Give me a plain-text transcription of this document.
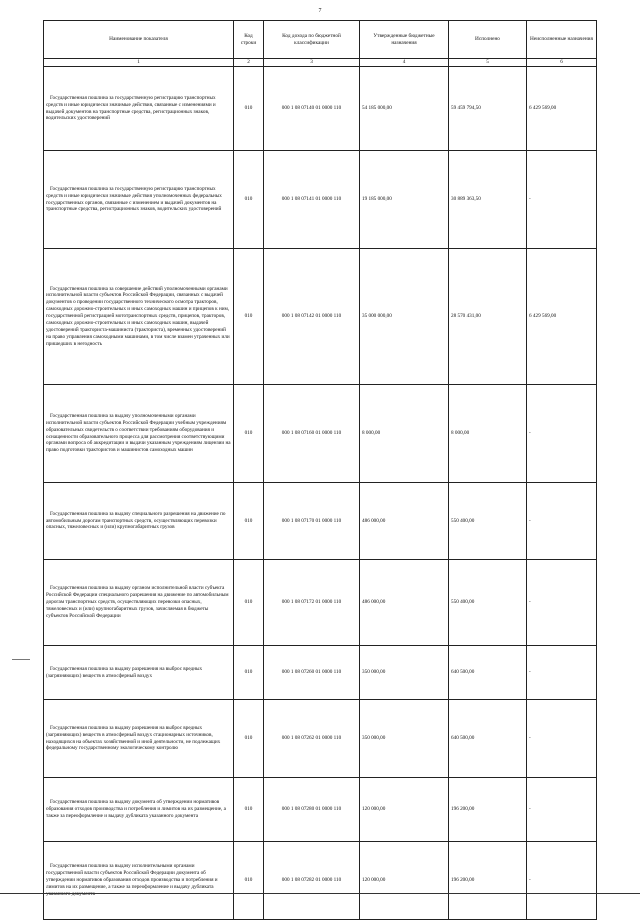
7
Наименование показателя	Код строки	Код дохода по бюджетной классификации	Утвержденные бюджетные назначения	Исполнено	Неисполненные назначения
1	2	3	4	5	6
Государственная пошлина за государственную регистрацию транспортных средств и иные юридически значимые действия, связанные с изменениями и выдачей документов на транспортные средства, регистрационных знаков, водительских удостоверений	010	000 1 08 07140 01 0000 110	54 185 000,00	59 459 794,50	6 429 569,00
Государственная пошлина за государственную регистрацию транспортных средств и иные юридически значимые действия уполномоченных федеральных государственных органов, связанные с изменением и выдачей документов на транспортные средства, регистрационных знаков, водительских удостоверений	010	000 1 08 07141 01 0000 110	19 185 000,00	30 889 363,50	-
Государственная пошлина за совершение действий уполномоченными органами исполнительной власти субъектов Российской Федерации, связанных с выдачей документов о проведении государственного технического осмотра тракторов, самоходных дорожно-строительных и иных самоходных машин и прицепов к ним, государственной регистрацией мототранспортных средств, прицепов, тракторов, самоходных дорожно-строительных и иных самоходных машин, выдачей удостоверений тракториста-машиниста (тракториста), временных удостоверений на право управления самоходными машинами, в том числе взамен утраченных или пришедших в негодность	010	000 1 08 07142 01 0000 110	35 000 000,00	28 570 431,00	6 429 569,00
Государственная пошлина за выдачу уполномоченными органами исполнительной власти субъектов Российской Федерации учебным учреждениям образовательных свидетельств о соответствии требованиям оборудования и оснащенности образовательного процесса для рассмотрения соответствующими органами вопроса об аккредитации и выдачи указанным учреждениям лицензии на право подготовки трактористов и машинистов самоходных машин	010	000 1 08 07160 01 0000 110	8 000,00	8 000,00	-
Государственная пошлина за выдачу специального разрешения на движение по автомобильным дорогам транспортных средств, осуществляющих перевозки опасных, тяжеловесных и (или) крупногабаритных грузов	010	000 1 08 07170 01 0000 110	486 000,00	550 400,00	-
Государственная пошлина за выдачу органом исполнительной власти субъекта Российской Федерации специального разрешения на движение по автомобильным дорогам транспортных средств, осуществляющих перевозки опасных, тяжеловесных и (или) крупногабаритных грузов, зачисляемая в бюджеты субъектов Российской Федерации	010	000 1 08 07172 01 0000 110	486 000,00	550 400,00	-
Государственная пошлина за выдачу разрешения на выброс вредных (загрязняющих) веществ в атмосферный воздух	010	000 1 08 07260 01 0000 110	350 000,00	640 500,00	-
Государственная пошлина за выдачу разрешения на выброс вредных (загрязняющих) веществ в атмосферный воздух стационарных источников, находящихся на объектах хозяйственной и иной деятельности, не подлежащих федеральному государственному экологическому контролю	010	000 1 08 07262 01 0000 110	350 000,00	640 500,00	-
Государственная пошлина за выдачу документа об утверждении нормативов образования отходов производства и потребления и лимитов на их размещение, а также за переоформление и выдачу дубликата указанного документа	010	000 1 08 07280 01 0000 110	120 000,00	196 200,00	-
Государственная пошлина за выдачу исполнительными органами государственной власти субъектов Российской Федерации документа об утверждении нормативов образования отходов производства и потребления и лимитов на их размещение, а также за переоформление и выдачу дубликата указанного документа	010	000 1 08 07282 01 0000 110	120 000,00	196 200,00	-
